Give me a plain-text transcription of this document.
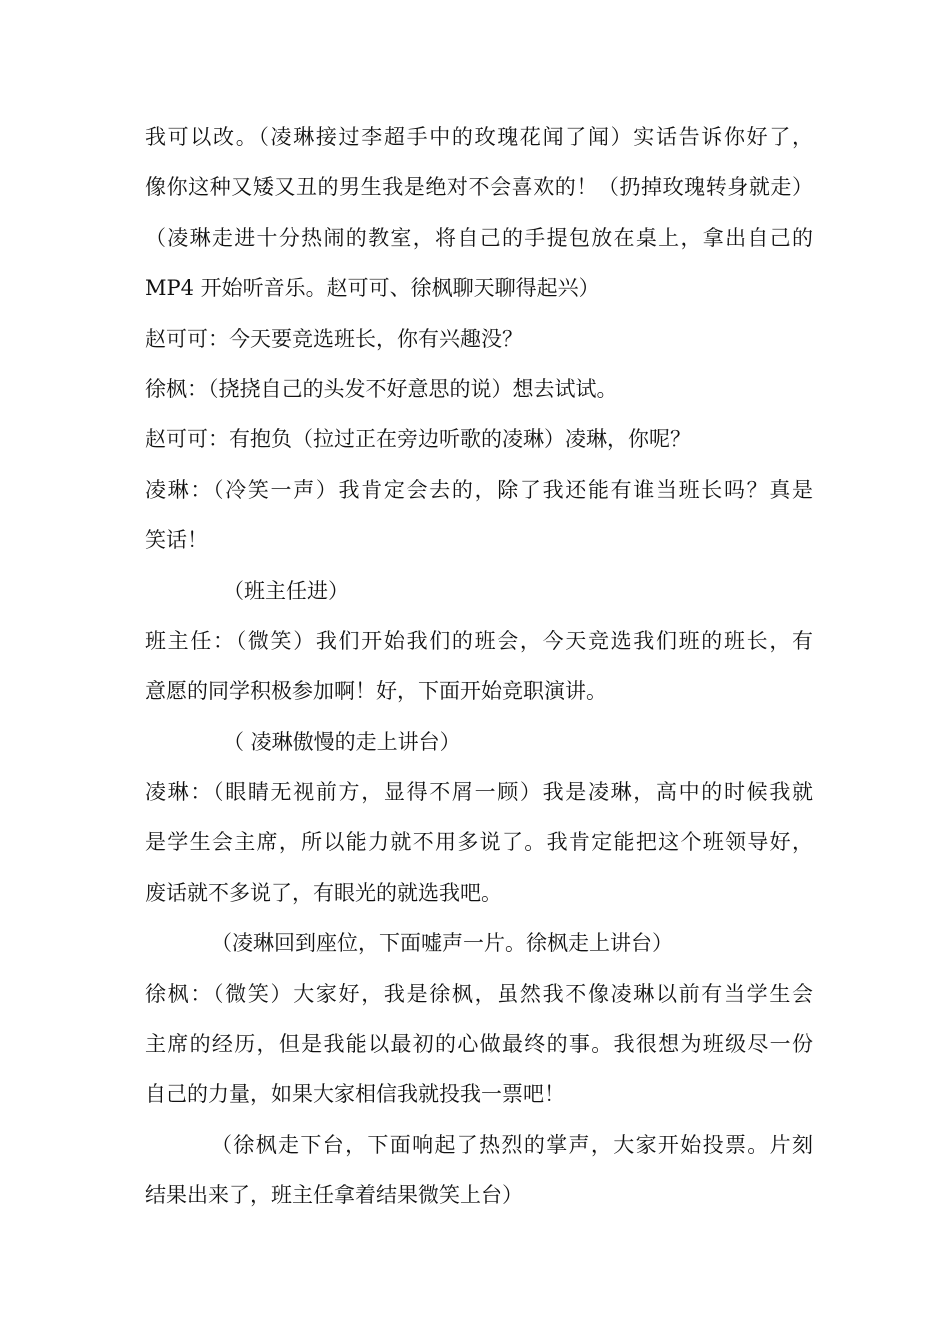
我可以改。（凌琳接过李超手中的玫瑰花闻了闻）实话告诉你好了，
像你这种又矮又丑的男生我是绝对不会喜欢的！（扔掉玫瑰转身就走）
（凌琳走进十分热闹的教室，将自己的手提包放在桌上，拿出自己的
MP4 开始听音乐。赵可可、徐枫聊天聊得起兴）
赵可可：今天要竞选班长，你有兴趣没？
徐枫：（挠挠自己的头发不好意思的说）想去试试。
赵可可：有抱负（拉过正在旁边听歌的凌琳）凌琳，你呢？
凌琳：（冷笑一声）我肯定会去的，除了我还能有谁当班长吗？真是
笑话！
（班主任进）
班主任：（微笑）我们开始我们的班会，今天竞选我们班的班长，有
意愿的同学积极参加啊！好，下面开始竞职演讲。
（ 凌琳傲慢的走上讲台）
凌琳：（眼睛无视前方，显得不屑一顾）我是凌琳，高中的时候我就
是学生会主席，所以能力就不用多说了。我肯定能把这个班领导好，
废话就不多说了，有眼光的就选我吧。
（凌琳回到座位，下面嘘声一片。徐枫走上讲台）
徐枫：（微笑）大家好，我是徐枫，虽然我不像凌琳以前有当学生会
主席的经历，但是我能以最初的心做最终的事。我很想为班级尽一份
自己的力量，如果大家相信我就投我一票吧！
（徐枫走下台，下面响起了热烈的掌声，大家开始投票。片刻
结果出来了，班主任拿着结果微笑上台）
